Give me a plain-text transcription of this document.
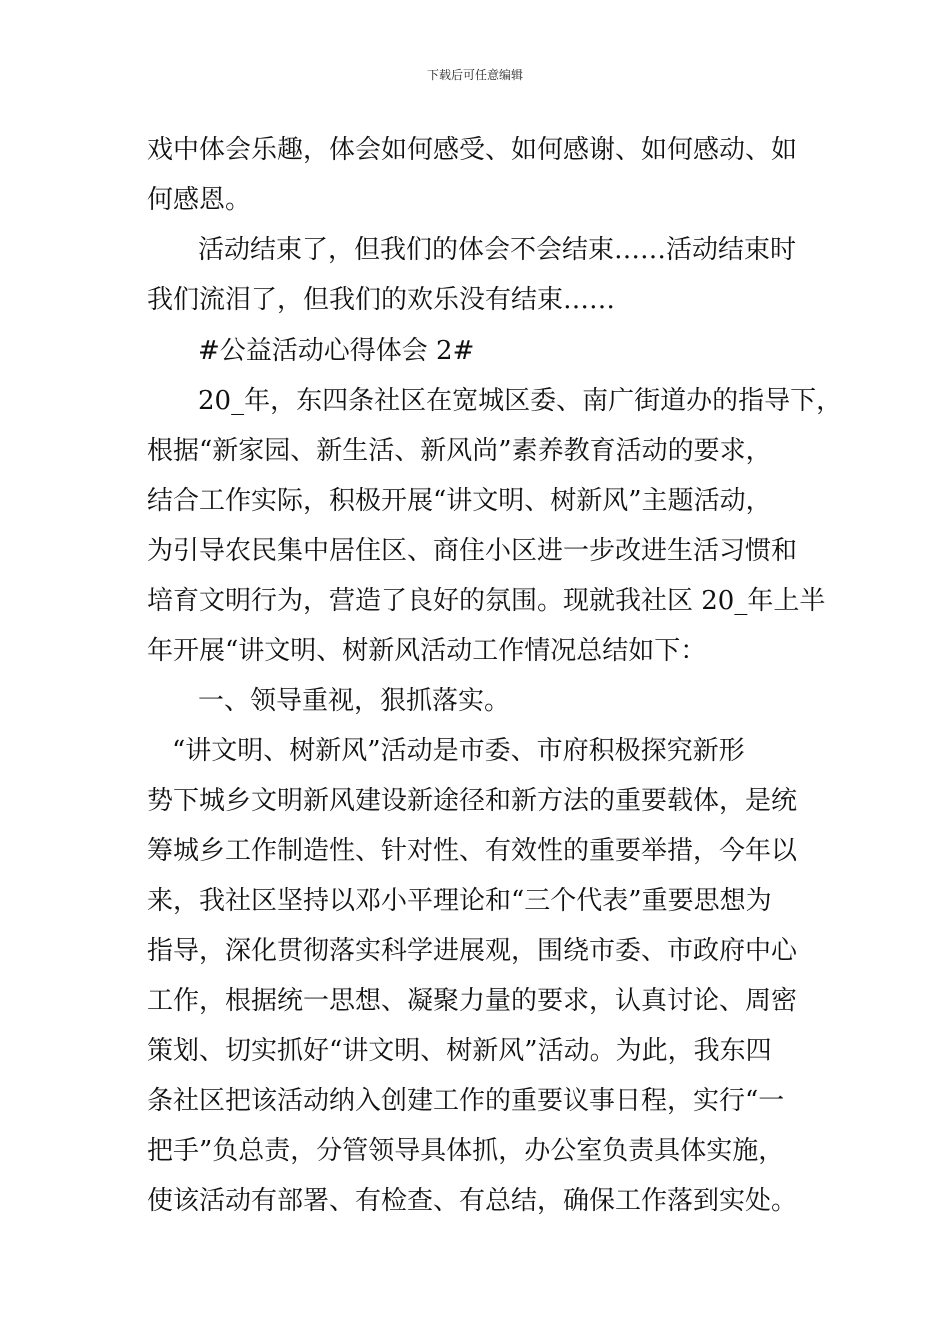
下载后可任意编辑
戏中体会乐趣，体会如何感受、如何感谢、如何感动、如
何感恩。
活动结束了，但我们的体会不会结束……活动结束时
我们流泪了，但我们的欢乐没有结束……
#公益活动心得体会 2#
20_年，东四条社区在宽城区委、南广街道办的指导下，
根据“新家园、新生活、新风尚”素养教育活动的要求，
结合工作实际，积极开展“讲文明、树新风”主题活动，
为引导农民集中居住区、商住小区进一步改进生活习惯和
培育文明行为，营造了良好的氛围。现就我社区 20_年上半
年开展“讲文明、树新风活动工作情况总结如下：
一、领导重视，狠抓落实。
“讲文明、树新风”活动是市委、市府积极探究新形
势下城乡文明新风建设新途径和新方法的重要载体，是统
筹城乡工作制造性、针对性、有效性的重要举措，今年以
来，我社区坚持以邓小平理论和“三个代表”重要思想为
指导，深化贯彻落实科学进展观，围绕市委、市政府中心
工作，根据统一思想、凝聚力量的要求，认真讨论、周密
策划、切实抓好“讲文明、树新风”活动。为此，我东四
条社区把该活动纳入创建工作的重要议事日程，实行“一
把手”负总责，分管领导具体抓，办公室负责具体实施，
使该活动有部署、有检查、有总结，确保工作落到实处。
